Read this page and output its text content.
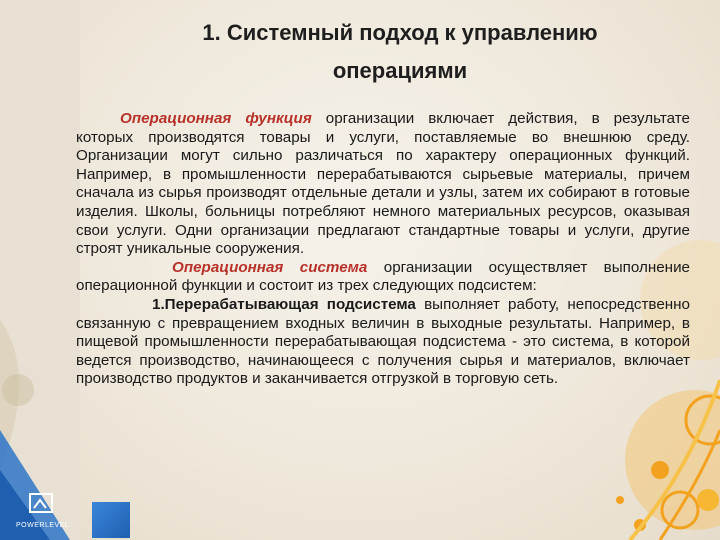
1. Системный подход к управлению
операциями

Операционная функция организации включает действия, в результате которых производятся товары и услуги, поставляемые во внешнюю среду. Организации могут сильно различаться по характеру операционных функций. Например, в промышленности перерабатываются сырьевые материалы, причем сначала из сырья производят отдельные детали и узлы, затем их собирают в готовые изделия. Школы, больницы потребляют немного материальных ресурсов, оказывая свои услуги. Одни организации предлагают стандартные товары и услуги, другие строят уникальные сооружения.

Операционная система организации осуществляет выполнение операционной функции и состоит из трех следующих подсистем:

1.Перерабатывающая подсистема выполняет работу, непосредственно связанную с превращением входных величин в выходные результаты. Например, в пищевой промышленности перерабатывающая подсистема - это система, в которой ведется производство, начинающееся с получения сырья и материалов, включает производство продуктов и заканчивается отгрузкой в торговую сеть.

POWERLEVEL
